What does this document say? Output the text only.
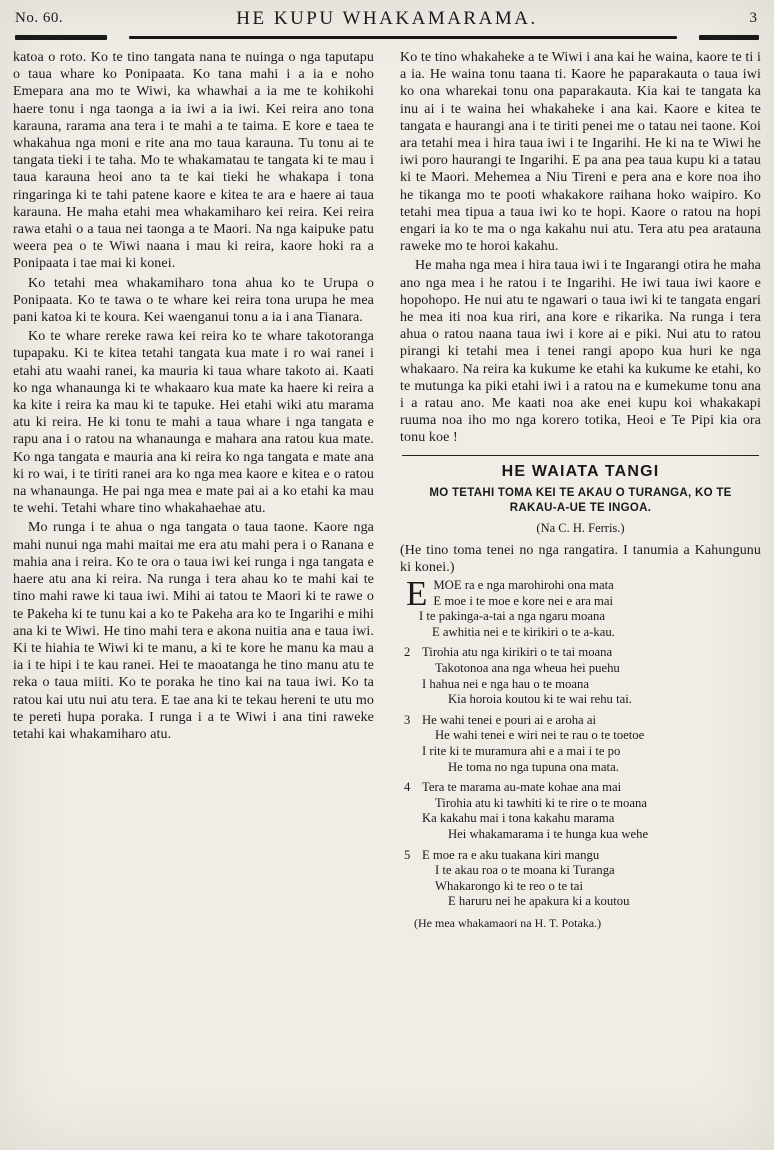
No. 60.	HE KUPU WHAKAMARAMA.	3

katoa o roto. Ko te tino tangata nana te nuinga o nga taputapu o taua whare ko Ponipaata. Ko tana mahi i a ia e noho Emepara ana mo te Wiwi, ka whawhai a ia me te kohikohi haere tonu i nga taonga a ia iwi a ia iwi. Kei reira ano tona karauna, rarama ana tera i te mahi a te taima. E kore e taea te whakahua nga moni e rite ana mo taua karauna. Tu tonu ai te tangata tieki i te taha. Mo te whakamatau te tangata ki te mau i taua karauna heoi ano ta te kai tieki he whakapa i tona ringaringa ki te tahi patene kaore e kitea te ara e haere ai taua karauna. He maha etahi mea whakamiharo kei reira. Kei reira rawa etahi o a taua nei taonga a te Maori. Na nga kaipuke patu weera pea o te Wiwi naana i mau ki reira, kaore hoki ra a Ponipaata i tae mai ki konei.

Ko tetahi mea whakamiharo tona ahua ko te Urupa o Ponipaata. Ko te tawa o te whare kei reira tona urupa he mea pani katoa ki te koura. Kei waenganui tonu a ia i ana Tianara.

Ko te whare rereke rawa kei reira ko te whare takotoranga tupapaku. Ki te kitea tetahi tangata kua mate i ro wai ranei i etahi atu waahi ranei, ka mauria ki taua whare takoto ai. Kaati ko nga whanaunga ki te whakaaro kua mate ka haere ki reira a ka kite i reira ka mau ki te tapuke. Hei etahi wiki atu marama atu ki reira. He ki tonu te mahi a taua whare i nga tangata e rapu ana i o ratou na whanaunga e mahara ana ratou kua mate. Ko nga tangata e mauria ana ki reira ko nga tangata e mate ana ki ro wai, i te tiriti ranei ara ko nga mea kaore e kitea e o ratou na whanaunga. He pai nga mea e mate pai ai a ko etahi ka mau te wehi. Tetahi whare tino whakahaehae atu.

Mo runga i te ahua o nga tangata o taua taone. Kaore nga mahi nunui nga mahi maitai me era atu mahi pera i o Ranana e mahia ana i reira. Ko te ora o taua iwi kei runga i nga tangata e haere atu ana ki reira. Na runga i tera ahau ko te mahi kai te tino mahi rawe ki taua iwi. Mihi ai tatou te Maori ki te rawe o te Pakeha ki te tunu kai a ko te Pakeha ara ko te Ingarihi e mihi ana ki te Wiwi. He tino mahi tera e akona nuitia ana e taua iwi. Ki te hiahia te Wiwi ki te manu, a ki te kore he manu ka mau a ia i te hipi i te kau ranei. Hei te maoatanga he tino manu atu te reka o taua miiti. Ko te poraka he tino kai na taua iwi. Ko ta ratou kai utu nui atu tera. E tae ana ki te tekau hereni te utu mo te pereti hupa poraka. I runga i a te Wiwi i ana tini raweke tetahi kai whakamiharo atu.

Ko te tino whakaheke a te Wiwi i ana kai he waina, kaore te ti i a ia. He waina tonu taana ti. Kaore he paparakauta o taua iwi ko ona wharekai tonu ona paparakauta. Kia kai te tangata ka inu ai i te waina hei whakaheke i ana kai. Kaore e kitea te tangata e haurangi ana i te tiriti penei me o tatau nei taone. Koi ara tetahi mea i hira taua iwi i te Ingarihi. He ki na te Wiwi he iwi poro haurangi te Ingarihi. E pa ana pea taua kupu ki a tatau ki te Maori. Mehemea a Niu Tireni e pera ana e kore noa iho he tikanga mo te pooti whakakore raihana hoko waipiro. Ko tetahi mea tipua a taua iwi ko te hopi. Kaore o ratou na hopi engari ia ko te ma o nga kakahu nui atu. Tera atu pea aratauna raweke mo te horoi kakahu.

He maha nga mea i hira taua iwi i te Ingarangi otira he maha ano nga mea i he ratou i te Ingarihi. He iwi taua iwi kaore e hopohopo. He nui atu te ngawari o taua iwi ki te tangata engari he mea iti noa kua riri, ana kore e rikarika. Na runga i tera ahua o ratou naana taua iwi i kore ai e piki. Nui atu to ratou pirangi ki tetahi mea i tenei rangi apopo kua huri ke nga whakaaro. Na reira ka kukume ke etahi ka kukume ke etahi, ko te mutunga ka piki etahi iwi i a ratou na e kumekume tonu ana i a ratau ano. Me kaati noa ake enei kupu koi whakakapi ruuma noa iho mo nga korero totika, Heoi e Te Pipi kia ora tonu koe !

HE WAIATA TANGI
MO TETAHI TOMA KEI TE AKAU O TURANGA, KO TE RAKAU-A-UE TE INGOA.
(Na C. H. Ferris.)

(He tino toma tenei no nga rangatira. I tanumia a Kahungunu ki konei.)

E MOE ra e nga marohirohi ona mata
E moe i te moe e kore nei e ara mai
I te pakinga-a-tai a nga ngaru moana
E awhitia nei e te kirikiri o te a-kau.
2 Tirohia atu nga kirikiri o te tai moana
Takotonoa ana nga wheua hei puehu
I hahua nei e nga hau o te moana
Kia horoia koutou ki te wai rehu tai.
3 He wahi tenei e pouri ai e aroha ai
He wahi tenei e wiri nei te rau o te toetoe
I rite ki te muramura ahi e a mai i te po
He toma no nga tupuna ona mata.
4 Tera te marama au-mate kohae ana mai
Tirohia atu ki tawhiti ki te rire o te moana
Ka kakahu mai i tona kakahu marama
Hei whakamarama i te hunga kua wehe
5 E moe ra e aku tuakana kiri mangu
I te akau roa o te moana ki Turanga
Whakarongo ki te reo o te tai
E haruru nei he apakura ki a koutou
(He mea whakamaori na H. T. Potaka.)
